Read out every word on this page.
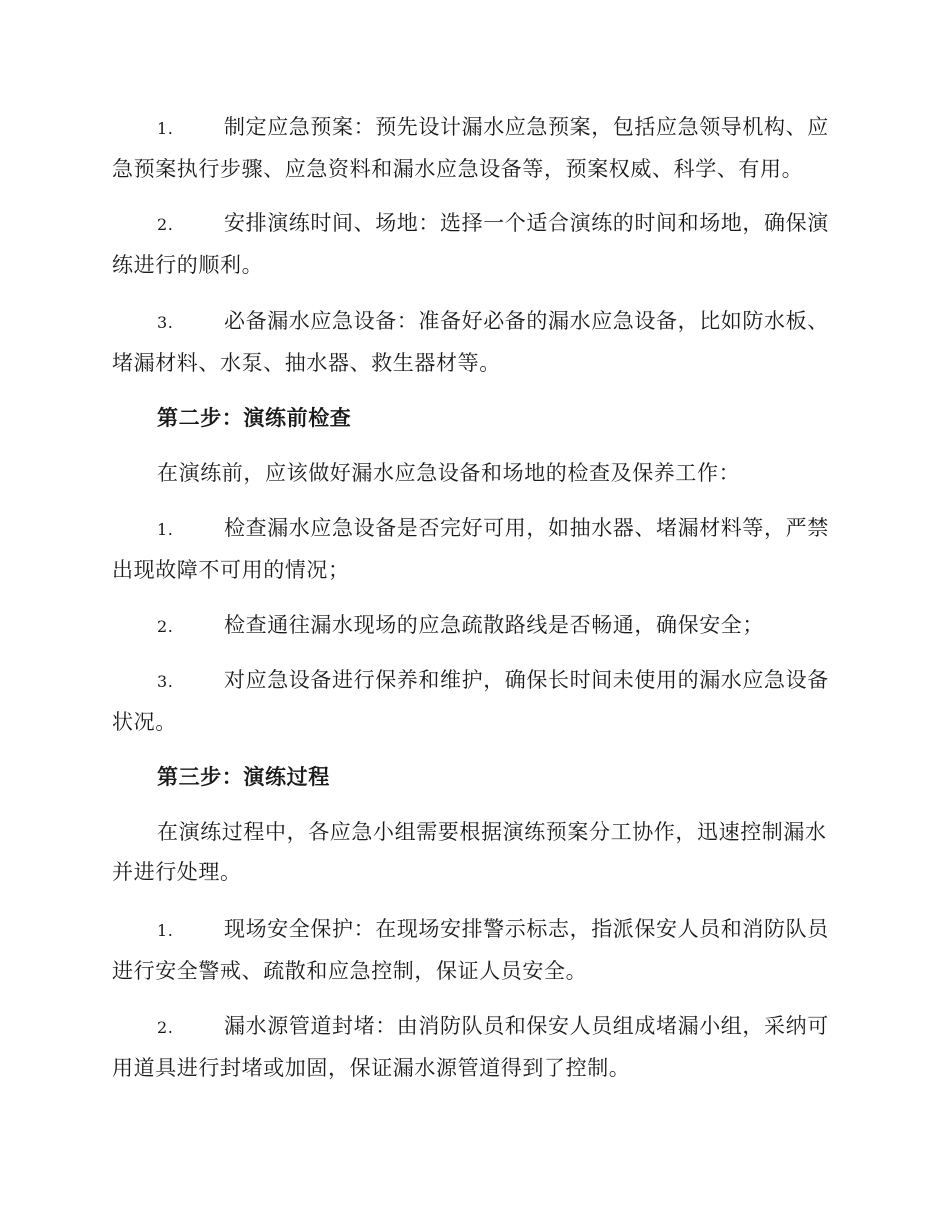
1. 制定应急预案：预先设计漏水应急预案，包括应急领导机构、应急预案执行步骤、应急资料和漏水应急设备等，预案权威、科学、有用。
2. 安排演练时间、场地：选择一个适合演练的时间和场地，确保演练进行的顺利。
3. 必备漏水应急设备：准备好必备的漏水应急设备，比如防水板、堵漏材料、水泵、抽水器、救生器材等。
第二步：演练前检查
在演练前，应该做好漏水应急设备和场地的检查及保养工作：
1. 检查漏水应急设备是否完好可用，如抽水器、堵漏材料等，严禁出现故障不可用的情况；
2. 检查通往漏水现场的应急疏散路线是否畅通，确保安全；
3. 对应急设备进行保养和维护，确保长时间未使用的漏水应急设备状况。
第三步：演练过程
在演练过程中，各应急小组需要根据演练预案分工协作，迅速控制漏水并进行处理。
1. 现场安全保护：在现场安排警示标志，指派保安人员和消防队员进行安全警戒、疏散和应急控制，保证人员安全。
2. 漏水源管道封堵：由消防队员和保安人员组成堵漏小组，采纳可用道具进行封堵或加固，保证漏水源管道得到了控制。
